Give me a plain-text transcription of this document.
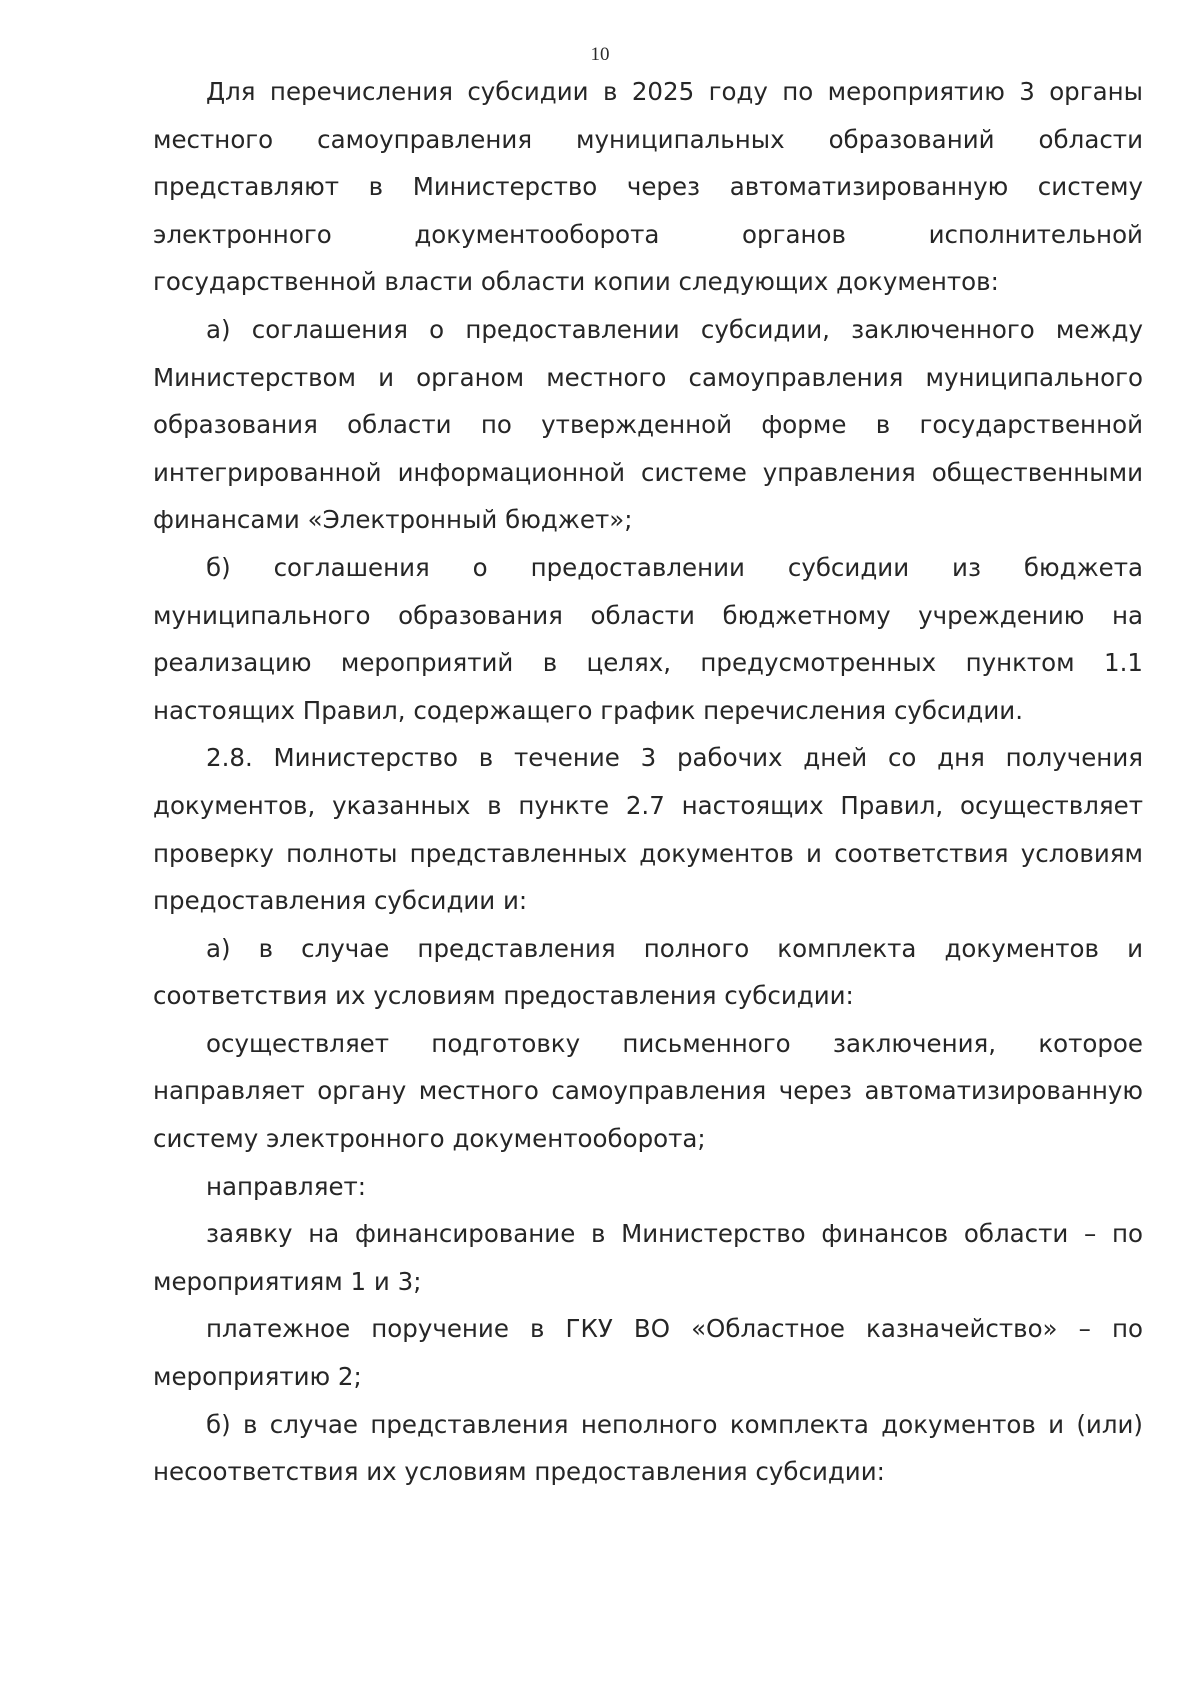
10

Для перечисления субсидии в 2025 году по мероприятию 3 органы местного самоуправления муниципальных образований области представляют в Министерство через автоматизированную систему электронного документооборота органов исполнительной государственной власти области копии следующих документов:

а) соглашения о предоставлении субсидии, заключенного между Министерством и органом местного самоуправления муниципального образования области по утвержденной форме в государственной интегрированной информационной системе управления общественными финансами «Электронный бюджет»;

б) соглашения о предоставлении субсидии из бюджета муниципального образования области бюджетному учреждению на реализацию мероприятий в целях, предусмотренных пунктом 1.1 настоящих Правил, содержащего график перечисления субсидии.

2.8. Министерство в течение 3 рабочих дней со дня получения документов, указанных в пункте 2.7 настоящих Правил, осуществляет проверку полноты представленных документов и соответствия условиям предоставления субсидии и:

а) в случае представления полного комплекта документов и соответствия их условиям предоставления субсидии:

осуществляет подготовку письменного заключения, которое направляет органу местного самоуправления через автоматизированную систему электронного документооборота;

направляет:

заявку на финансирование в Министерство финансов области – по мероприятиям 1 и 3;

платежное поручение в ГКУ ВО «Областное казначейство» – по мероприятию 2;

б) в случае представления неполного комплекта документов и (или) несоответствия их условиям предоставления субсидии:
